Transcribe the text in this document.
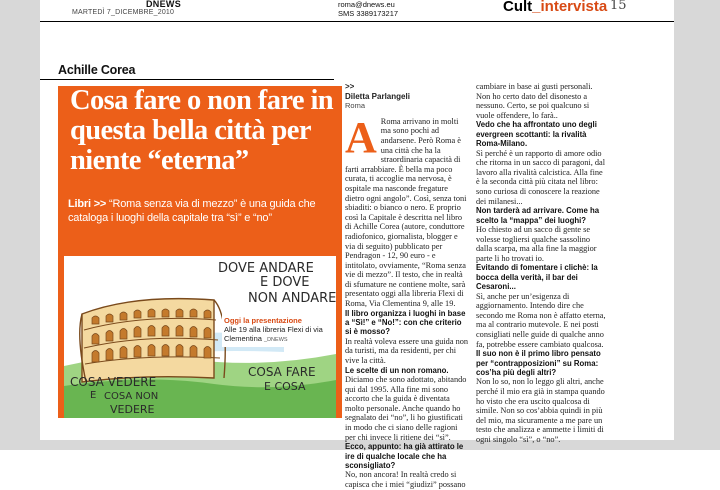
DNEWS
MARTEDÌ 7_DICEMBRE_2010
roma@dnews.eu
SMS 3389173217	Cult_intervista 15
Achille Corea
Cosa fare o non fare in questa bella città per niente “eterna”
Libri >> “Roma senza via di mezzo” è una guida che cataloga i luoghi della capitale tra “sì” e “no”
DOVE ANDARE
E DOVE
NON ANDARE
COSA VEDERE
E COSA NON
VEDERE
COSA FARE
E COSA
Oggi la presentazione
Alle 19 alla libreria Flexi di via Clementina _DNEWS
>>
Diletta Parlangeli
Roma
A Roma arrivano in molti ma sono pochi ad andarsene. Però Roma è una città che ha la straordinaria capacità di farti arrabbiare. È bella ma poco curata, ti accoglie ma nervosa, è ospitale ma nasconde fregature dietro ogni angolo”. Così, senza toni sbiaditi: o bianco o nero. E proprio così la Capitale è descritta nel libro di Achille Corea (autore, conduttore radiofonico, giornalista, blogger e via di seguito) pubblicato per Pendragon - 12, 90 euro - e intitolato, ovviamente, “Roma senza vie di mezzo”. Il testo, che in realtà di sfumature ne contiene molte, sarà presentato oggi alla libreria Flexi di Roma, Via Clementina 9, alle 19.

Il libro organizza i luoghi in base a “Sì!” e “No!”: con che criterio si è mosso?

In realtà voleva essere una guida non da turisti, ma da residenti, per chi vive la città.

Le scelte di un non romano.

Diciamo che sono adottato, abitando qui dal 1995. Alla fine mi sono accorto che la guida è diventata molto personale. Anche quando ho segnalato dei “no”, li ho giustificati in modo che ci siano delle ragioni per chi invece li ritiene dei “sì”.

Ecco, appunto: ha già attirato le ire di qualche locale che ha sconsigliato?

No, non ancora! In realtà credo si capisca che i miei “giudizi” possano

cambiare in base ai gusti personali. Non ho certo dato del disonesto a nessuno. Certo, se poi qualcuno si vuole offendere, lo farà..

Vedo che ha affrontato uno degli evergreen scottanti: la rivalità Roma-Milano.

Sì perché è un rapporto di amore odio che ritorna in un sacco di paragoni, dal lavoro alla rivalità calcistica. Alla fine è la seconda città più citata nel libro: sono curiosa di conoscere la reazione dei milanesi...

Non tarderà ad arrivare. Come ha scelto la “mappa” dei luoghi?

Ho chiesto ad un sacco di gente se volesse togliersi qualche sassolino dalla scarpa, ma alla fine la maggior parte li ho trovati io.

Evitando di fomentare i clichè: la bocca della verità, il bar dei Cesaroni...

Sì, anche per un’esigenza di aggiornamento. Intendo dire che secondo me Roma non è affatto eterna, ma al contrario mutevole. E nei posti consigliati nelle guide di qualche anno fa, potrebbe essere cambiato qualcosa.

Il suo non è il primo libro pensato per “contrapposizioni” su Roma: cos’ha più degli altri?

Non lo so, non lo leggo gli altri, anche perché il mio era già in stampa quando ho visto che era uscito qualcosa di simile. Non so cos’abbia quindi in più del mio, ma sicuramente a me pare un testo che analizza e ammette i limiti di ogni singolo “sì”, o “no”.
